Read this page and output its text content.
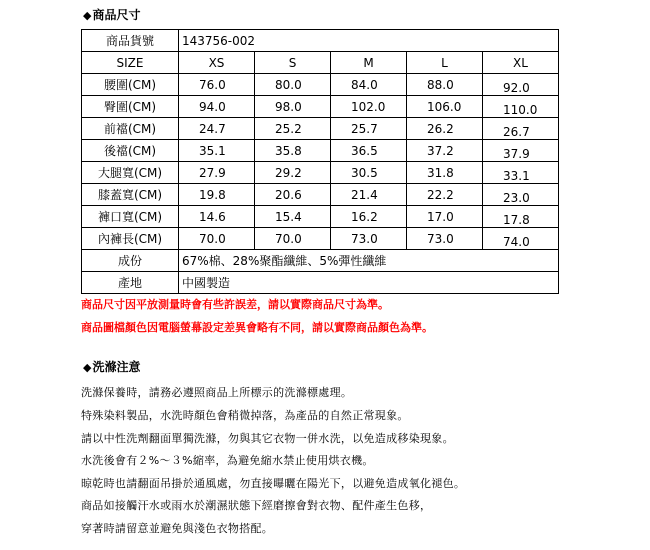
◆商品尺寸
商品貨號	143756-002				
SIZE	XS	S	M	L	XL
腰圍(CM)	76.0	80.0	84.0	88.0	92.0
臀圍(CM)	94.0	98.0	102.0	106.0	110.0
前襠(CM)	24.7	25.2	25.7	26.2	26.7
後襠(CM)	35.1	35.8	36.5	37.2	37.9
大腿寬(CM)	27.9	29.2	30.5	31.8	33.1
膝蓋寬(CM)	19.8	20.6	21.4	22.2	23.0
褲口寬(CM)	14.6	15.4	16.2	17.0	17.8
內褲長(CM)	70.0	70.0	73.0	73.0	74.0
成份	67%棉、28%聚酯纖維、5%彈性纖維				
產地	中國製造				
商品尺寸因平放測量時會有些許誤差，請以實際商品尺寸為準。
商品圖檔顏色因電腦螢幕設定差異會略有不同，請以實際商品顏色為準。
◆洗滌注意
洗滌保養時，請務必遵照商品上所標示的洗滌標處理。
特殊染料製品，水洗時顏色會稍微掉落，為產品的自然正常現象。
請以中性洗劑翻面單獨洗滌，勿與其它衣物一併水洗，以免造成移染現象。
水洗後會有２%～３%縮率，為避免縮水禁止使用烘衣機。
晾乾時也請翻面吊掛於通風處，勿直接曝曬在陽光下，以避免造成氧化褪色。
商品如接觸汗水或雨水於潮濕狀態下經磨擦會對衣物、配件產生色移，
穿著時請留意並避免與淺色衣物搭配。
